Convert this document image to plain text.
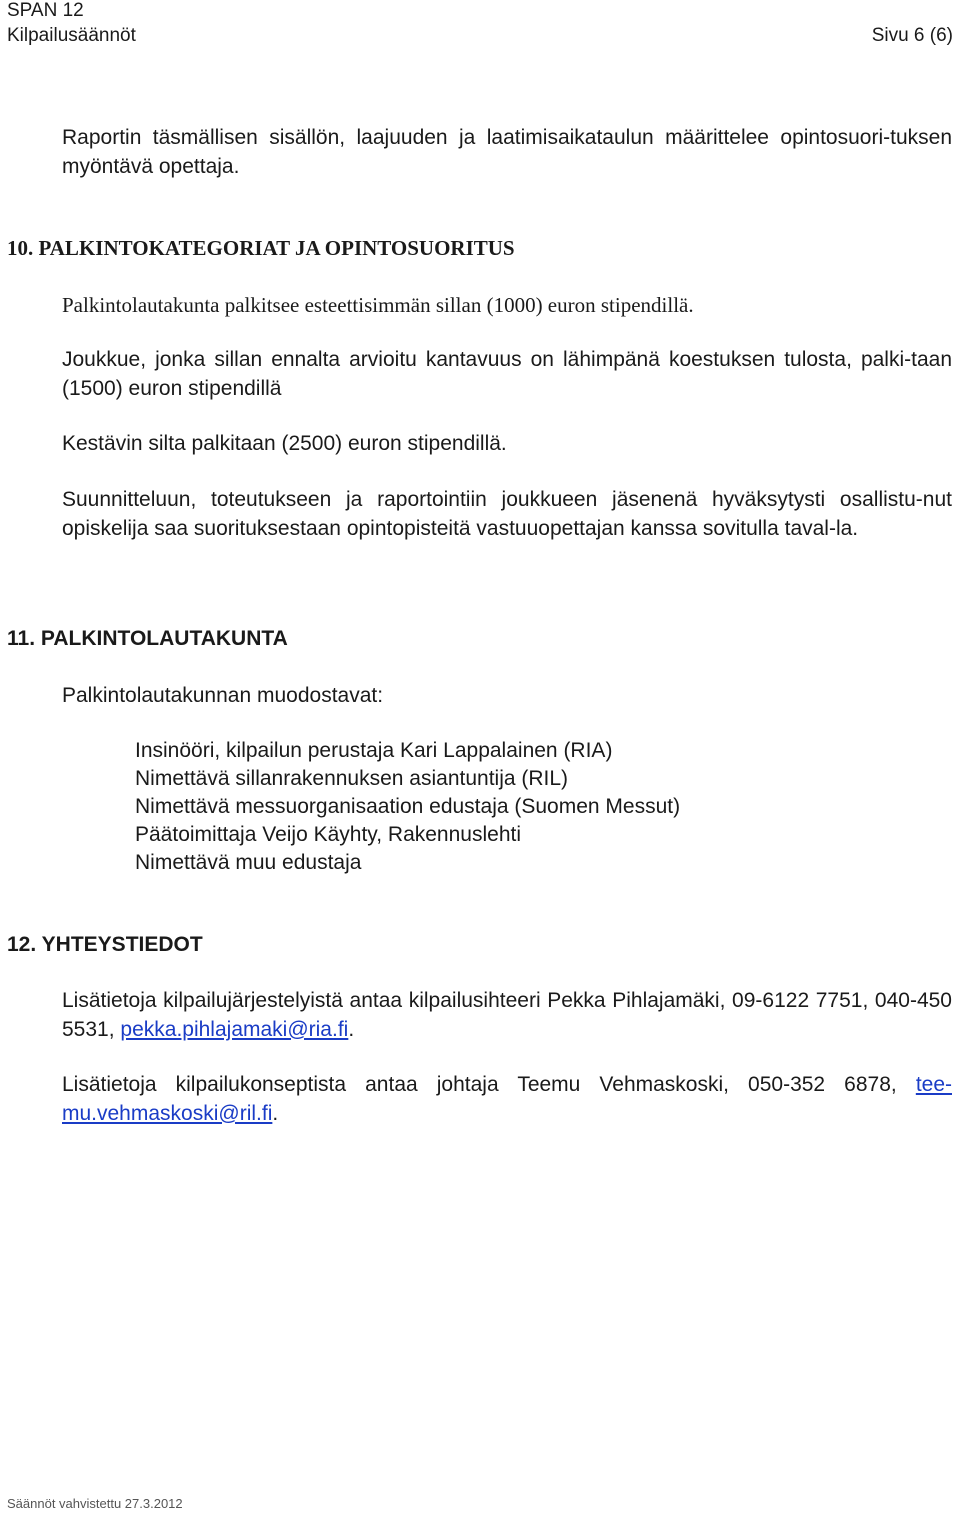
SPAN 12
Kilpailusäännöt	Sivu 6 (6)
Raportin täsmällisen sisällön, laajuuden ja laatimisaikataulun määrittelee opintosuori-tuksen myöntävä opettaja.
10. PALKINTOKATEGORIAT JA OPINTOSUORITUS
Palkintolautakunta palkitsee esteettisimmän sillan (1000) euron stipendillä.
Joukkue, jonka sillan ennalta arvioitu kantavuus on lähimpänä koestuksen tulosta, palki-taan (1500) euron stipendillä
Kestävin silta palkitaan (2500) euron stipendillä.
Suunnitteluun, toteutukseen ja raportointiin joukkueen jäsenenä hyväksytysti osallistu-nut opiskelija saa suorituksestaan opintopisteitä vastuuopettajan kanssa sovitulla taval-la.
11. PALKINTOLAUTAKUNTA
Palkintolautakunnan muodostavat:
Insinööri, kilpailun perustaja Kari Lappalainen (RIA)
Nimettävä sillanrakennuksen asiantuntija (RIL)
Nimettävä messuorganisaation edustaja (Suomen Messut)
Päätoimittaja Veijo Käyhty, Rakennuslehti
Nimettävä muu edustaja
12. YHTEYSTIEDOT
Lisätietoja kilpailujärjestelyistä antaa kilpailusihteeri Pekka Pihlajamäki, 09-6122 7751, 040-450 5531, pekka.pihlajamaki@ria.fi.
Lisätietoja kilpailukonseptista antaa johtaja Teemu Vehmaskoski, 050-352 6878, tee-mu.vehmaskoski@ril.fi.
Säännöt vahvistettu 27.3.2012
